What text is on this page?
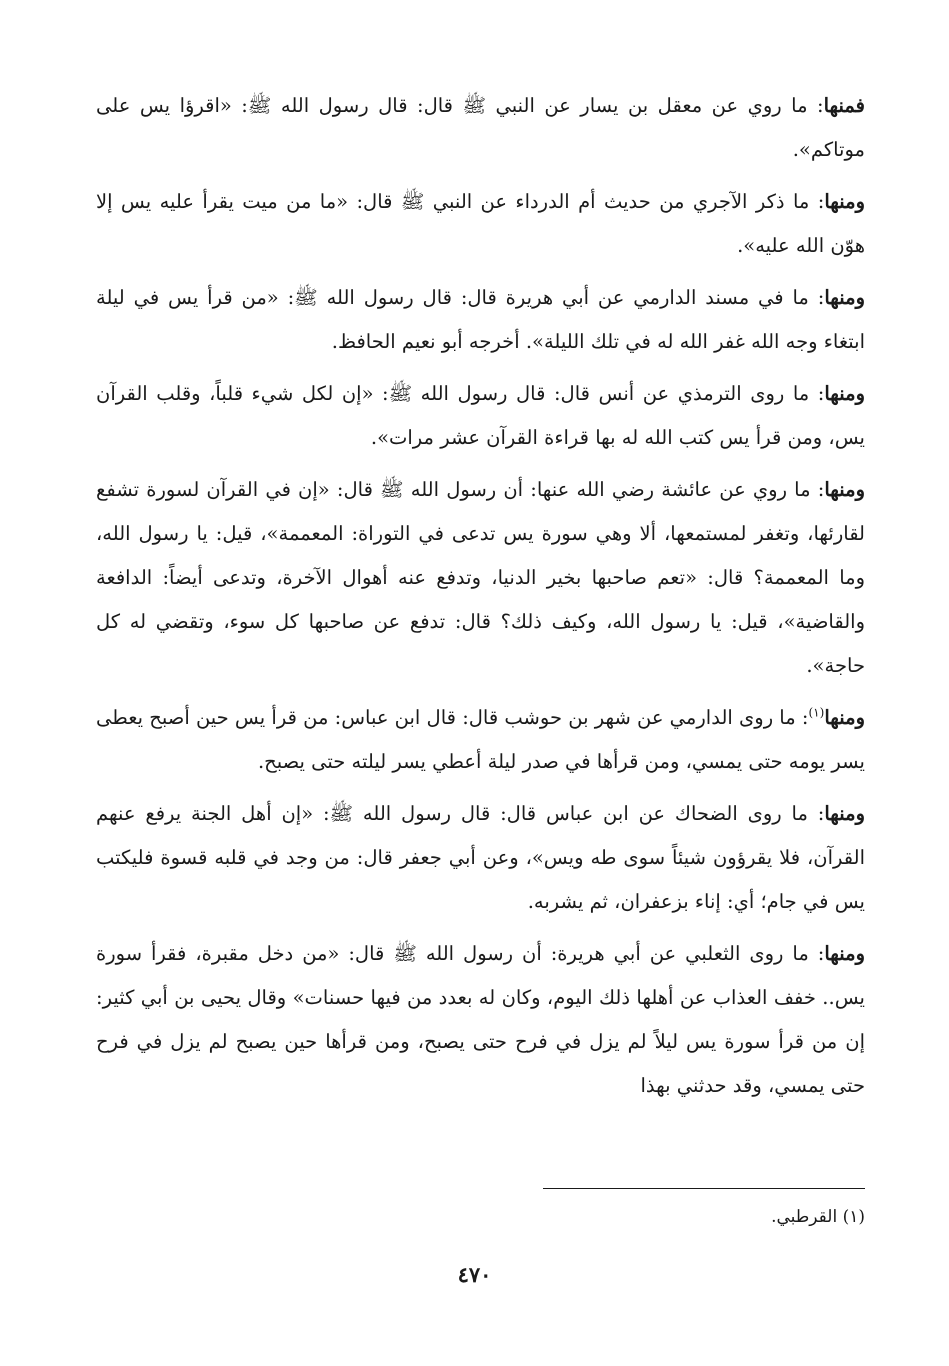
فمنها: ما روي عن معقل بن يسار عن النبي ﷺ قال: قال رسول الله ﷺ: «اقرؤا يس على موتاكم».

ومنها: ما ذكر الآجري من حديث أم الدرداء عن النبي ﷺ قال: «ما من ميت يقرأ عليه يس إلا هوّن الله عليه».

ومنها: ما في مسند الدارمي عن أبي هريرة قال: قال رسول الله ﷺ: «من قرأ يس في ليلة ابتغاء وجه الله غفر الله له في تلك الليلة». أخرجه أبو نعيم الحافظ.

ومنها: ما روى الترمذي عن أنس قال: قال رسول الله ﷺ: «إن لكل شيء قلباً، وقلب القرآن يس، ومن قرأ يس كتب الله له بها قراءة القرآن عشر مرات».

ومنها: ما روي عن عائشة رضي الله عنها: أن رسول الله ﷺ قال: «إن في القرآن لسورة تشفع لقارئها، وتغفر لمستمعها، ألا وهي سورة يس تدعى في التوراة: المعممة»، قيل: يا رسول الله، وما المعممة؟ قال: «تعم صاحبها بخير الدنيا، وتدفع عنه أهوال الآخرة، وتدعى أيضاً: الدافعة والقاضية»، قيل: يا رسول الله، وكيف ذلك؟ قال: تدفع عن صاحبها كل سوء، وتقضي له كل حاجة».

ومنها$^{(١)}$: ما روى الدارمي عن شهر بن حوشب قال: قال ابن عباس: من قرأ يس حين أصبح يعطى يسر يومه حتى يمسي، ومن قرأها في صدر ليلة أعطي يسر ليلته حتى يصبح.

ومنها: ما روى الضحاك عن ابن عباس قال: قال رسول الله ﷺ: «إن أهل الجنة يرفع عنهم القرآن، فلا يقرؤون شيئاً سوى طه ويس»، وعن أبي جعفر قال: من وجد في قلبه قسوة فليكتب يس في جام؛ أي: إناء بزعفران، ثم يشربه.

ومنها: ما روى الثعلبي عن أبي هريرة: أن رسول الله ﷺ قال: «من دخل مقبرة، فقرأ سورة يس.. خفف العذاب عن أهلها ذلك اليوم، وكان له بعدد من فيها حسنات» وقال يحيى بن أبي كثير: إن من قرأ سورة يس ليلاً لم يزل في فرح حتى يصبح، ومن قرأها حين يصبح لم يزل في فرح حتى يمسي، وقد حدثني بهذا

(١) القرطبي.
٤٧٠
